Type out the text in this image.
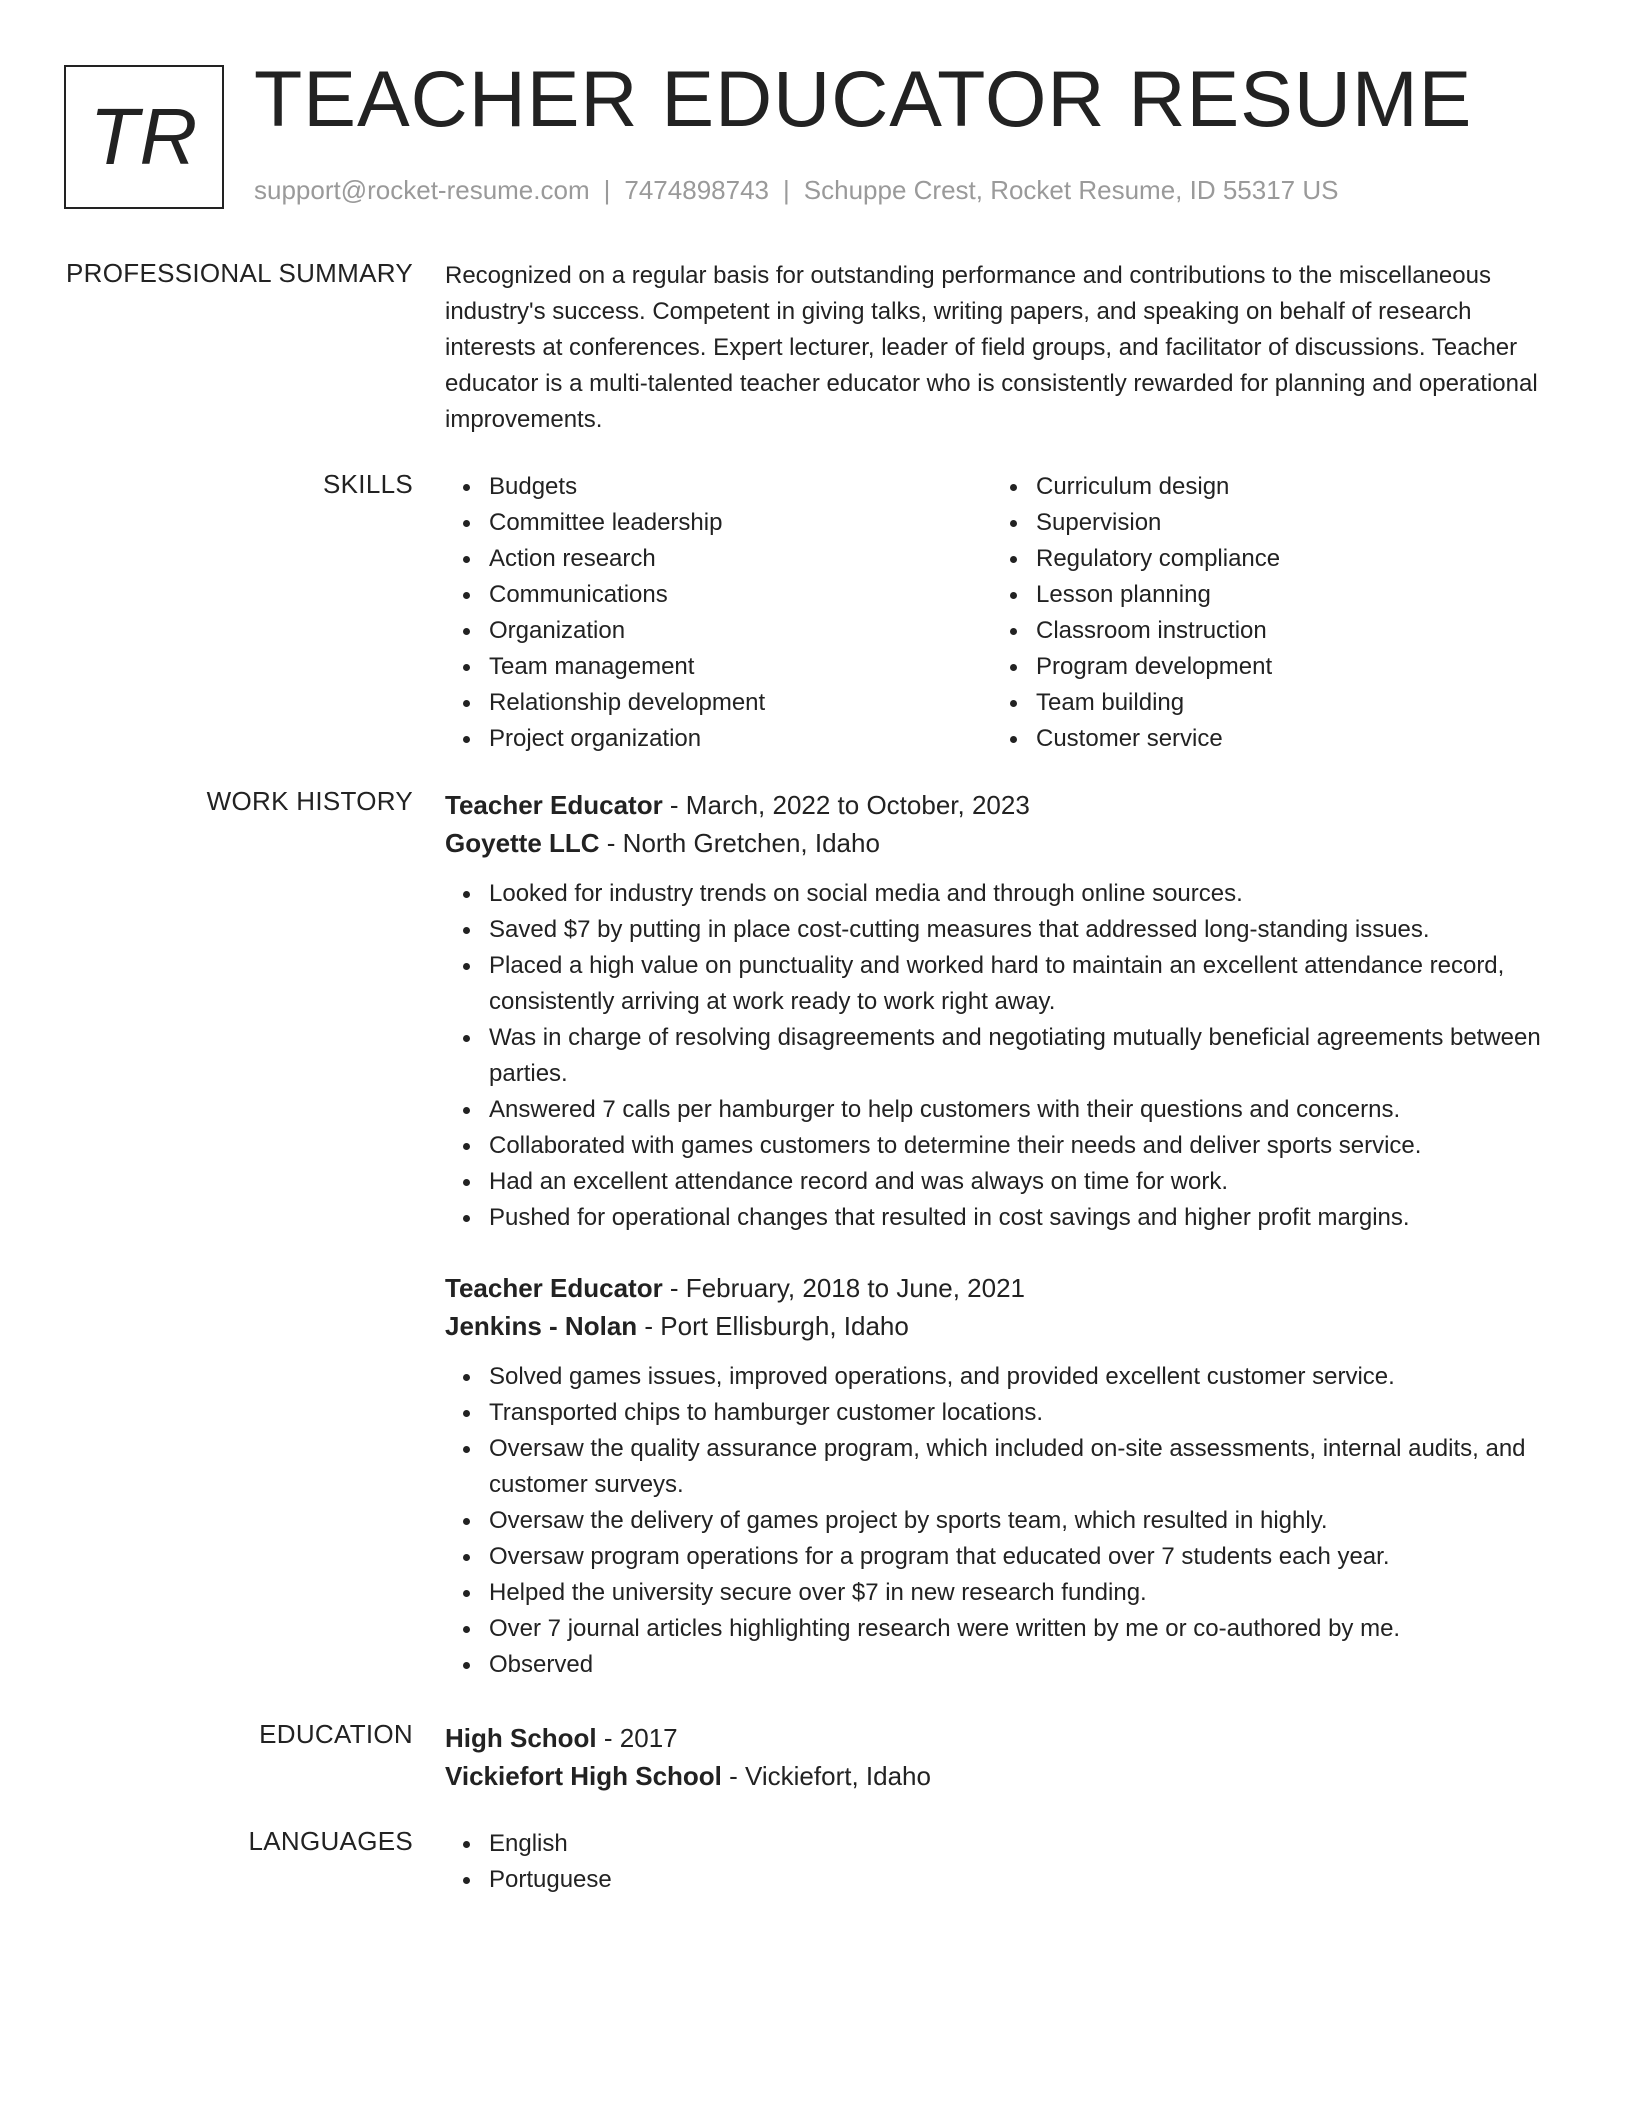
TR TEACHER EDUCATOR RESUME
support@rocket-resume.com | 7474898743 | Schuppe Crest, Rocket Resume, ID 55317 US
PROFESSIONAL SUMMARY Recognized on a regular basis for outstanding performance and contributions to the miscellaneous industry's success. Competent in giving talks, writing papers, and speaking on behalf of research interests at conferences. Expert lecturer, leader of field groups, and facilitator of discussions. Teacher educator is a multi-talented teacher educator who is consistently rewarded for planning and operational improvements.

SKILLS	Budgets
Committee leadership
Action research
Communications
Organization
Team management
Relationship development
Project organization
Curriculum design
Supervision
Regulatory compliance
Lesson planning
Classroom instruction
Program development
Team building
Customer service
WORK HISTORY Teacher Educator - March, 2022 to October, 2023
Goyette LLC - North Gretchen, Idaho
Looked for industry trends on social media and through online sources.
Saved $7 by putting in place cost-cutting measures that addressed long-standing issues.
Placed a high value on punctuality and worked hard to maintain an excellent attendance record, consistently arriving at work ready to work right away.
Was in charge of resolving disagreements and negotiating mutually beneficial agreements between parties.
Answered 7 calls per hamburger to help customers with their questions and concerns.
Collaborated with games customers to determine their needs and deliver sports service.
Had an excellent attendance record and was always on time for work.
Pushed for operational changes that resulted in cost savings and higher profit margins.
Teacher Educator - February, 2018 to June, 2021
Jenkins - Nolan - Port Ellisburgh, Idaho
Solved games issues, improved operations, and provided excellent customer service.
Transported chips to hamburger customer locations.
Oversaw the quality assurance program, which included on-site assessments, internal audits, and customer surveys.
Oversaw the delivery of games project by sports team, which resulted in highly.
Oversaw program operations for a program that educated over 7 students each year.
Helped the university secure over $7 in new research funding.
Over 7 journal articles highlighting research were written by me or co-authored by me.
Observed
EDUCATION High School - 2017
Vickiefort High School - Vickiefort, Idaho
LANGUAGES	English
Portuguese
